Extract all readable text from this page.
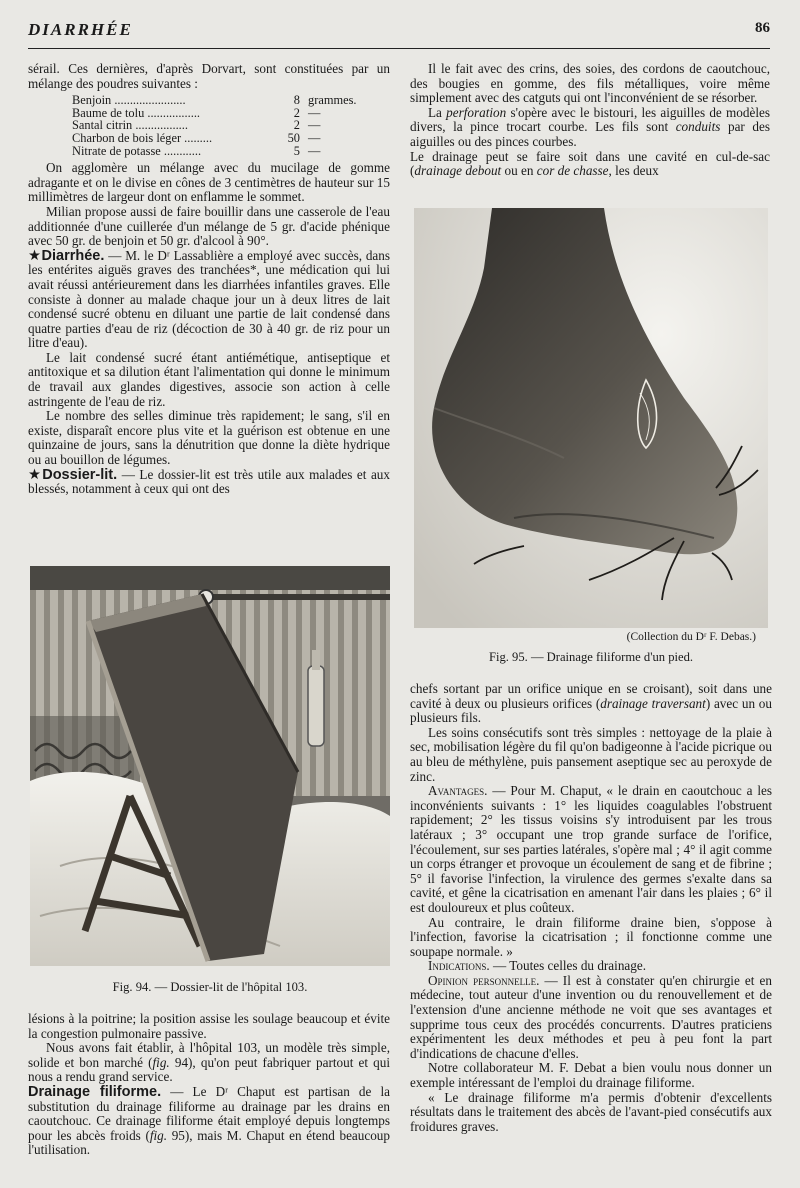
DIARRHÉE	86

sérail. Ces dernières, d'après Dorvart, sont constituées par un mélange des poudres suivantes :

Benjoin .......................	8	grammes.
Baume de tolu .................	2	—
Santal citrin .................	2	—
Charbon de bois léger .........	50	—
Nitrate de potasse ............	5	—

On agglomère un mélange avec du mucilage de gomme adragante et on le divise en cônes de 3 centimètres de hauteur sur 15 millimètres de largeur dont on enflamme le sommet.

Milian propose aussi de faire bouillir dans une casserole de l'eau additionnée d'une cuillerée d'un mélange de 5 gr. d'acide phénique avec 50 gr. de benjoin et 50 gr. d'alcool à 90°.

★Diarrhée. — M. le Dʳ Lassablière a employé avec succès, dans les entérites aiguës graves des tranchées*, une médication qui lui avait réussi antérieurement dans les diarrhées infantiles graves. Elle consiste à donner au malade chaque jour un à deux litres de lait condensé sucré obtenu en diluant une partie de lait condensé dans quatre parties d'eau de riz (décoction de 30 à 40 gr. de riz pour un litre d'eau).

Le lait condensé sucré étant antiémétique, antiseptique et antitoxique et sa dilution étant l'alimentation qui donne le minimum de travail aux glandes digestives, associe son action à celle astringente de l'eau de riz.

Le nombre des selles diminue très rapidement; le sang, s'il en existe, disparaît encore plus vite et la guérison est obtenue en une quinzaine de jours, sans la dénutrition que donne la diète hydrique ou au bouillon de légumes.

★Dossier-lit. — Le dossier-lit est très utile aux malades et aux blessés, notamment à ceux qui ont des

Fig. 94. — Dossier-lit de l'hôpital 103.

lésions à la poitrine; la position assise les soulage beaucoup et évite la congestion pulmonaire passive.

Nous avons fait établir, à l'hôpital 103, un modèle très simple, solide et bon marché (fig. 94), qu'on peut fabriquer partout et qui nous a rendu grand service.

Drainage filiforme. — Le Dʳ Chaput est partisan de la substitution du drainage filiforme au drainage par les drains en caoutchouc. Ce drainage filiforme était employé depuis longtemps pour les abcès froids (fig. 95), mais M. Chaput en étend beaucoup l'utilisation.

Il le fait avec des crins, des soies, des cordons de caoutchouc, des bougies en gomme, des fils métalliques, voire même simplement avec des catguts qui ont l'inconvénient de se résorber.

La perforation s'opère avec le bistouri, les aiguilles de modèles divers, la pince trocart courbe. Les fils sont conduits par des aiguilles ou des pinces courbes.

Le drainage peut se faire soit dans une cavité en cul-de-sac (drainage debout ou en cor de chasse, les deux

(Collection du Dʳ F. Debas.)
Fig. 95. — Drainage filiforme d'un pied.

chefs sortant par un orifice unique en se croisant), soit dans une cavité à deux ou plusieurs orifices (drainage traversant) avec un ou plusieurs fils.

Les soins consécutifs sont très simples : nettoyage de la plaie à sec, mobilisation légère du fil qu'on badigeonne à l'acide picrique ou au bleu de méthylène, puis pansement aseptique sec au peroxyde de zinc.

Avantages. — Pour M. Chaput, « le drain en caoutchouc a les inconvénients suivants : 1° les liquides coagulables l'obstruent rapidement; 2° les tissus voisins s'y introduisent par les trous latéraux ; 3° occupant une trop grande surface de l'orifice, l'écoulement, sur ses parties latérales, s'opère mal ; 4° il agit comme un corps étranger et provoque un écoulement de sang et de fibrine ; 5° il favorise l'infection, la virulence des germes s'exalte dans sa cavité, et gêne la cicatrisation en amenant l'air dans les plaies ; 6° il est douloureux et plus coûteux.

Au contraire, le drain filiforme draine bien, s'oppose à l'infection, favorise la cicatrisation ; il fonctionne comme une soupape normale. »

Indications. — Toutes celles du drainage.

Opinion personnelle. — Il est à constater qu'en chirurgie et en médecine, tout auteur d'une invention ou du renouvellement et de l'extension d'une ancienne méthode ne voit que ses avantages et supprime tous ceux des procédés concurrents. D'autres praticiens expérimentent les deux méthodes et peu à peu font la part d'indications de chacune d'elles.

Notre collaborateur M. F. Debat a bien voulu nous donner un exemple intéressant de l'emploi du drainage filiforme.

« Le drainage filiforme m'a permis d'obtenir d'excellents résultats dans le traitement des abcès de l'avant-pied consécutifs aux froidures graves.
